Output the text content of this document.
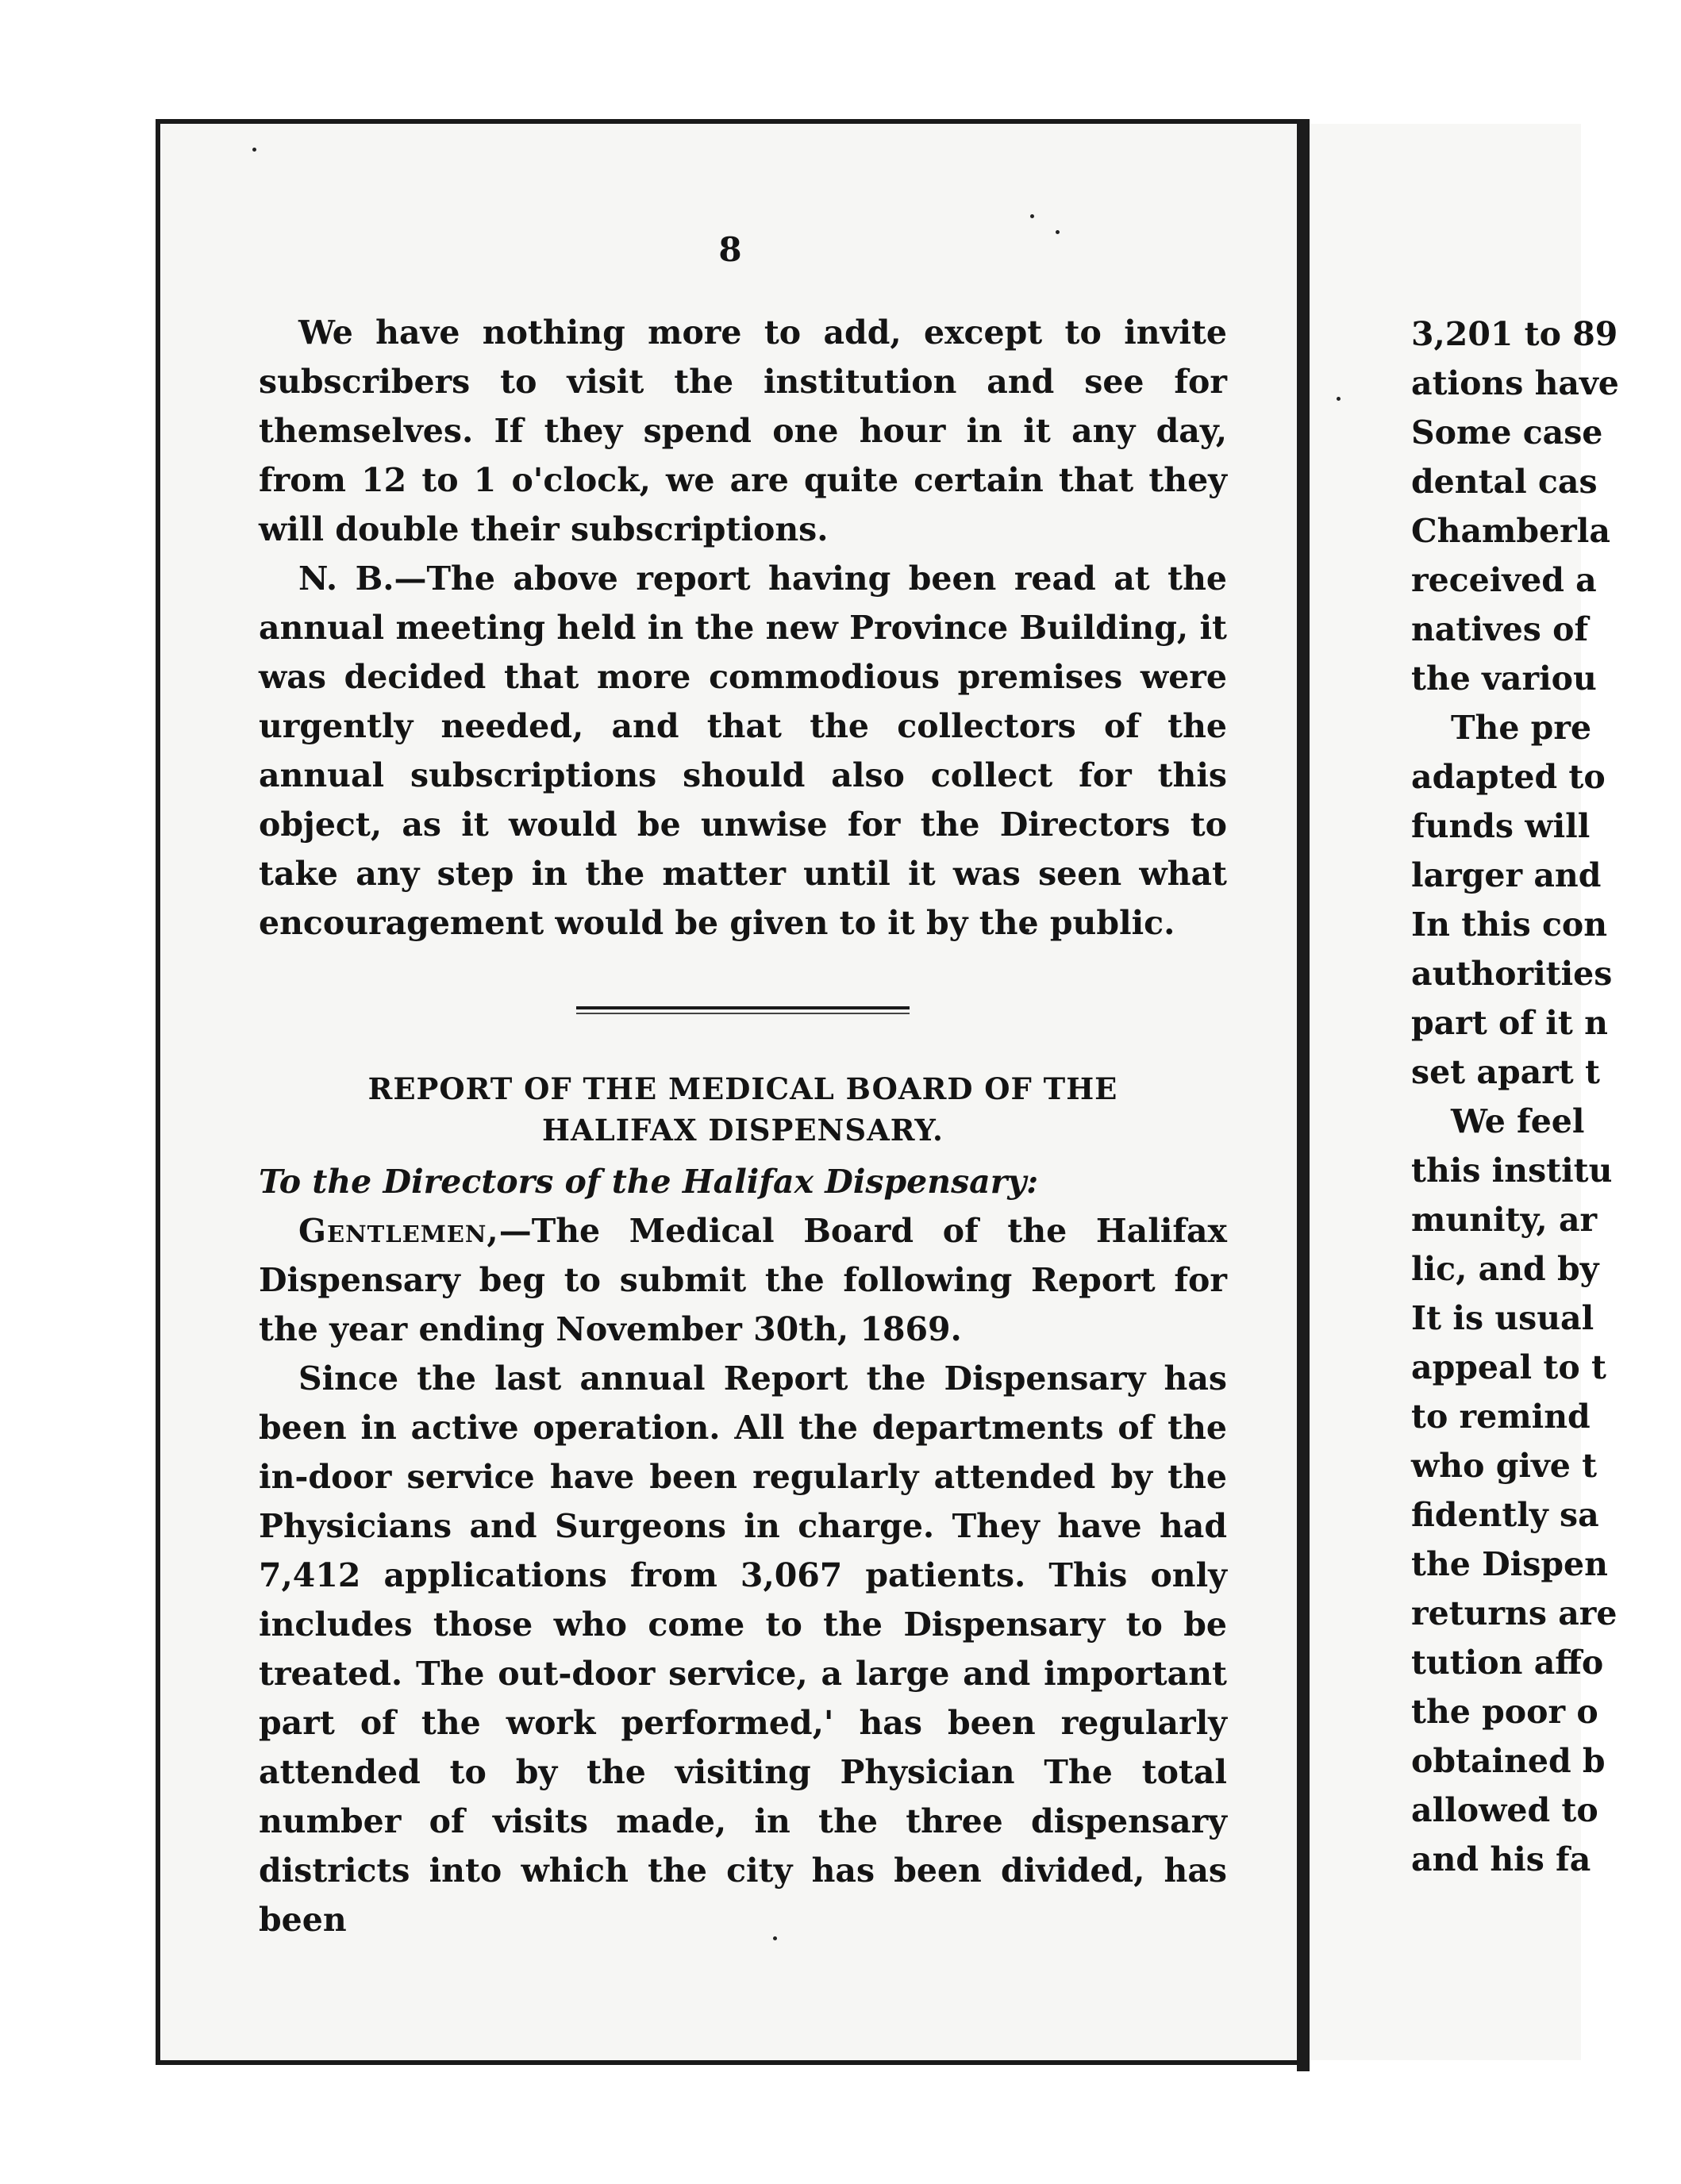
8

We have nothing more to add, except to invite subscribers to visit the institution and see for themselves. If they spend one hour in it any day, from 12 to 1 o'clock, we are quite certain that they will double their subscriptions.

N. B.—The above report having been read at the annual meeting held in the new Province Building, it was decided that more commodious premises were urgently needed, and that the collectors of the annual subscriptions should also collect for this object, as it would be unwise for the Directors to take any step in the matter until it was seen what encouragement would be given to it by the public.

REPORT OF THE MEDICAL BOARD OF THE
HALIFAX DISPENSARY.

To the Directors of the Halifax Dispensary:

Gentlemen,—The Medical Board of the Halifax Dispensary beg to submit the following Report for the year ending November 30th, 1869.

Since the last annual Report the Dispensary has been in active operation. All the departments of the in-door service have been regularly attended by the Physicians and Surgeons in charge. They have had 7,412 applications from 3,067 patients. This only includes those who come to the Dispensary to be treated. The out-door service, a large and important part of the work performed,' has been regularly attended to by the visiting Physician The total number of visits made, in the three dispensary districts into which the city has been divided, has been

3,201 to 89
ations have
Some case
dental cas
Chamberla
received a
natives of
the variou
The pre
adapted to
funds will
larger and
In this con
authorities
part of it n
set apart t
We feel
this institu
munity, ar
lic, and by
It is usual
appeal to t
to remind
who give t
fidently sa
the Dispen
returns are
tution affo
the poor o
obtained b
allowed to
and his fa
